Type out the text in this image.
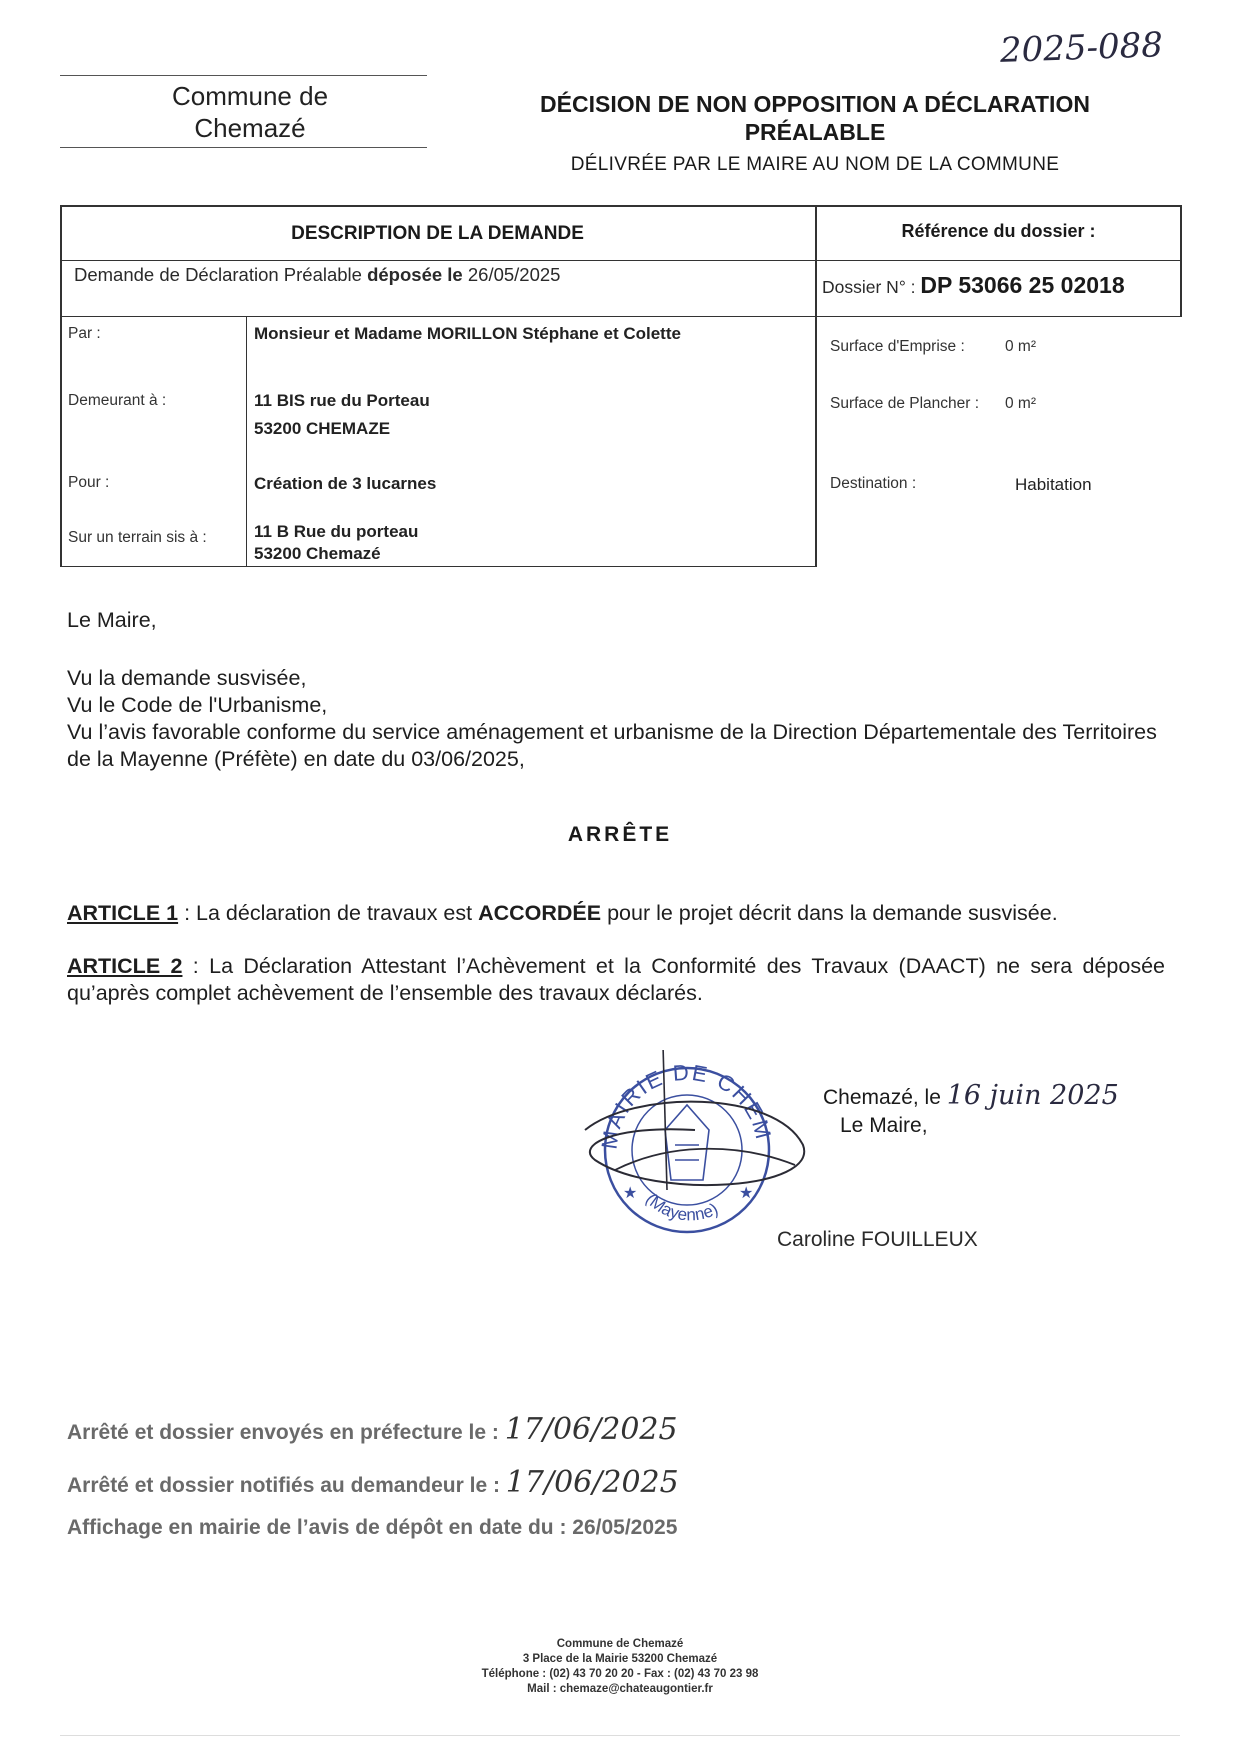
2025-088
Commune de
Chemazé
DÉCISION DE NON OPPOSITION A DÉCLARATION
PRÉALABLE
DÉLIVRÉE PAR LE MAIRE AU NOM DE LA COMMUNE
DESCRIPTION DE LA DEMANDE	Référence du dossier :
Demande de Déclaration Préalable déposée le 26/05/2025
Dossier N° : DP 53066 25 02018
Par :	Monsieur et Madame MORILLON Stéphane et Colette
Demeurant à :	11 BIS rue du Porteau
53200 CHEMAZE
Pour :	Création de 3 lucarnes
Sur un terrain sis à :	11 B Rue du porteau
53200 Chemazé
Surface d'Emprise :	0 m²
Surface de Plancher : 0 m²
Destination :	Habitation
Le Maire,
Vu la demande susvisée,
Vu le Code de l'Urbanisme,
Vu l’avis favorable conforme du service aménagement et urbanisme de la Direction Départementale des Territoires de la Mayenne (Préfète) en date du 03/06/2025,
ARRÊTE
ARTICLE 1 : La déclaration de travaux est ACCORDÉE pour le projet décrit dans la demande susvisée.
ARTICLE 2 : La Déclaration Attestant l’Achèvement et la Conformité des Travaux (DAACT) ne sera déposée qu’après complet achèvement de l’ensemble des travaux déclarés.
MAIRIE DE CHEM
(Mayenne)
★	★
Chemazé, le 16 juin 2025
Le Maire,
Caroline FOUILLEUX
Arrêté et dossier envoyés en préfecture le : 17/06/2025
Arrêté et dossier notifiés au demandeur le : 17/06/2025
Affichage en mairie de l’avis de dépôt en date du : 26/05/2025
Commune de Chemazé
3 Place de la Mairie 53200 Chemazé
Téléphone : (02) 43 70 20 20 - Fax : (02) 43 70 23 98
Mail : chemaze@chateaugontier.fr
